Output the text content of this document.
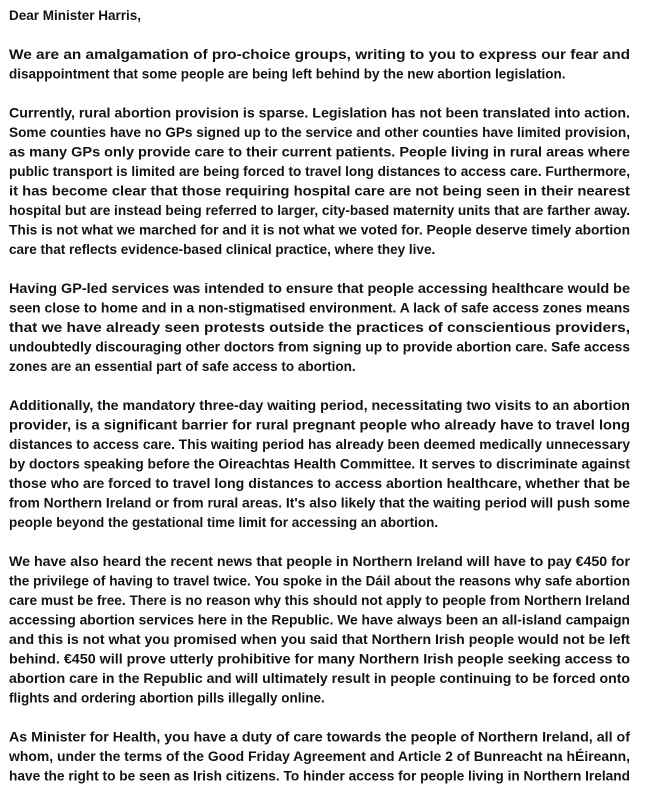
Dear Minister Harris,
We are an amalgamation of pro-choice groups, writing to you to express our fear and
disappointment that some people are being left behind by the new abortion legislation.
Currently, rural abortion provision is sparse. Legislation has not been translated into action.
Some counties have no GPs signed up to the service and other counties have limited provision,
as many GPs only provide care to their current patients. People living in rural areas where
public transport is limited are being forced to travel long distances to access care. Furthermore,
it has become clear that those requiring hospital care are not being seen in their nearest
hospital but are instead being referred to larger, city-based maternity units that are farther away.
This is not what we marched for and it is not what we voted for. People deserve timely abortion
care that reflects evidence-based clinical practice, where they live.
Having GP-led services was intended to ensure that people accessing healthcare would be
seen close to home and in a non-stigmatised environment. A lack of safe access zones means
that we have already seen protests outside the practices of conscientious providers,
undoubtedly discouraging other doctors from signing up to provide abortion care. Safe access
zones are an essential part of safe access to abortion.
Additionally, the mandatory three-day waiting period, necessitating two visits to an abortion
provider, is a significant barrier for rural pregnant people who already have to travel long
distances to access care. This waiting period has already been deemed medically unnecessary
by doctors speaking before the Oireachtas Health Committee. It serves to discriminate against
those who are forced to travel long distances to access abortion healthcare, whether that be
from Northern Ireland or from rural areas. It's also likely that the waiting period will push some
people beyond the gestational time limit for accessing an abortion.
We have also heard the recent news that people in Northern Ireland will have to pay €450 for
the privilege of having to travel twice. You spoke in the Dáil about the reasons why safe abortion
care must be free. There is no reason why this should not apply to people from Northern Ireland
accessing abortion services here in the Republic. We have always been an all-island campaign
and this is not what you promised when you said that Northern Irish people would not be left
behind. €450 will prove utterly prohibitive for many Northern Irish people seeking access to
abortion care in the Republic and will ultimately result in people continuing to be forced onto
flights and ordering abortion pills illegally online.
As Minister for Health, you have a duty of care towards the people of Northern Ireland, all of
whom, under the terms of the Good Friday Agreement and Article 2 of Bunreacht na hÉireann,
have the right to be seen as Irish citizens. To hinder access for people living in Northern Ireland
